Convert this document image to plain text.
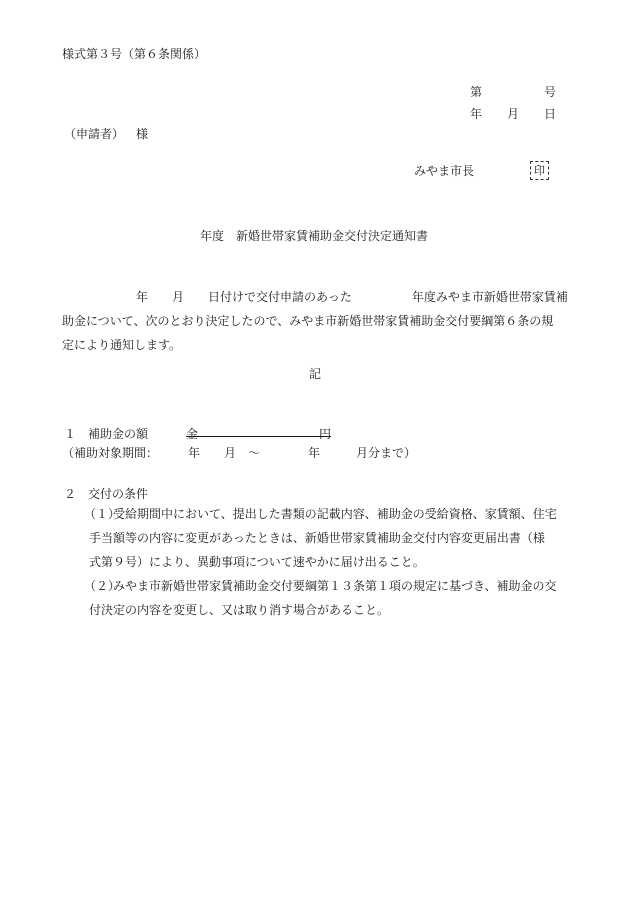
様式第３号（第６条関係）
第	号
年 月 日
（申請者） 様
みやま市長	印
年度 新婚世帯家賃補助金交付決定通知書
年　　月　　日付けで交付申請のあった　　　　　年度みやま市新婚世帯家賃補
助金について、次のとおり決定したので、みやま市新婚世帯家賃補助金交付要綱第６条の規
定により通知します。
記
１　補助金の額	金	円
（補助対象期間：　　　年　　月　～　　　　年　　　月分まで）
２　交付の条件
（１）
受給期間中において、提出した書類の記載内容、補助金の受給資格、家賃額、住宅
手当額等の内容に変更があったときは、新婚世帯家賃補助金交付内容変更届出書（様
式第９号）により、異動事項について速やかに届け出ること。
（２）
みやま市新婚世帯家賃補助金交付要綱第１３条第１項の規定に基づき、補助金の交
付決定の内容を変更し、又は取り消す場合があること。
